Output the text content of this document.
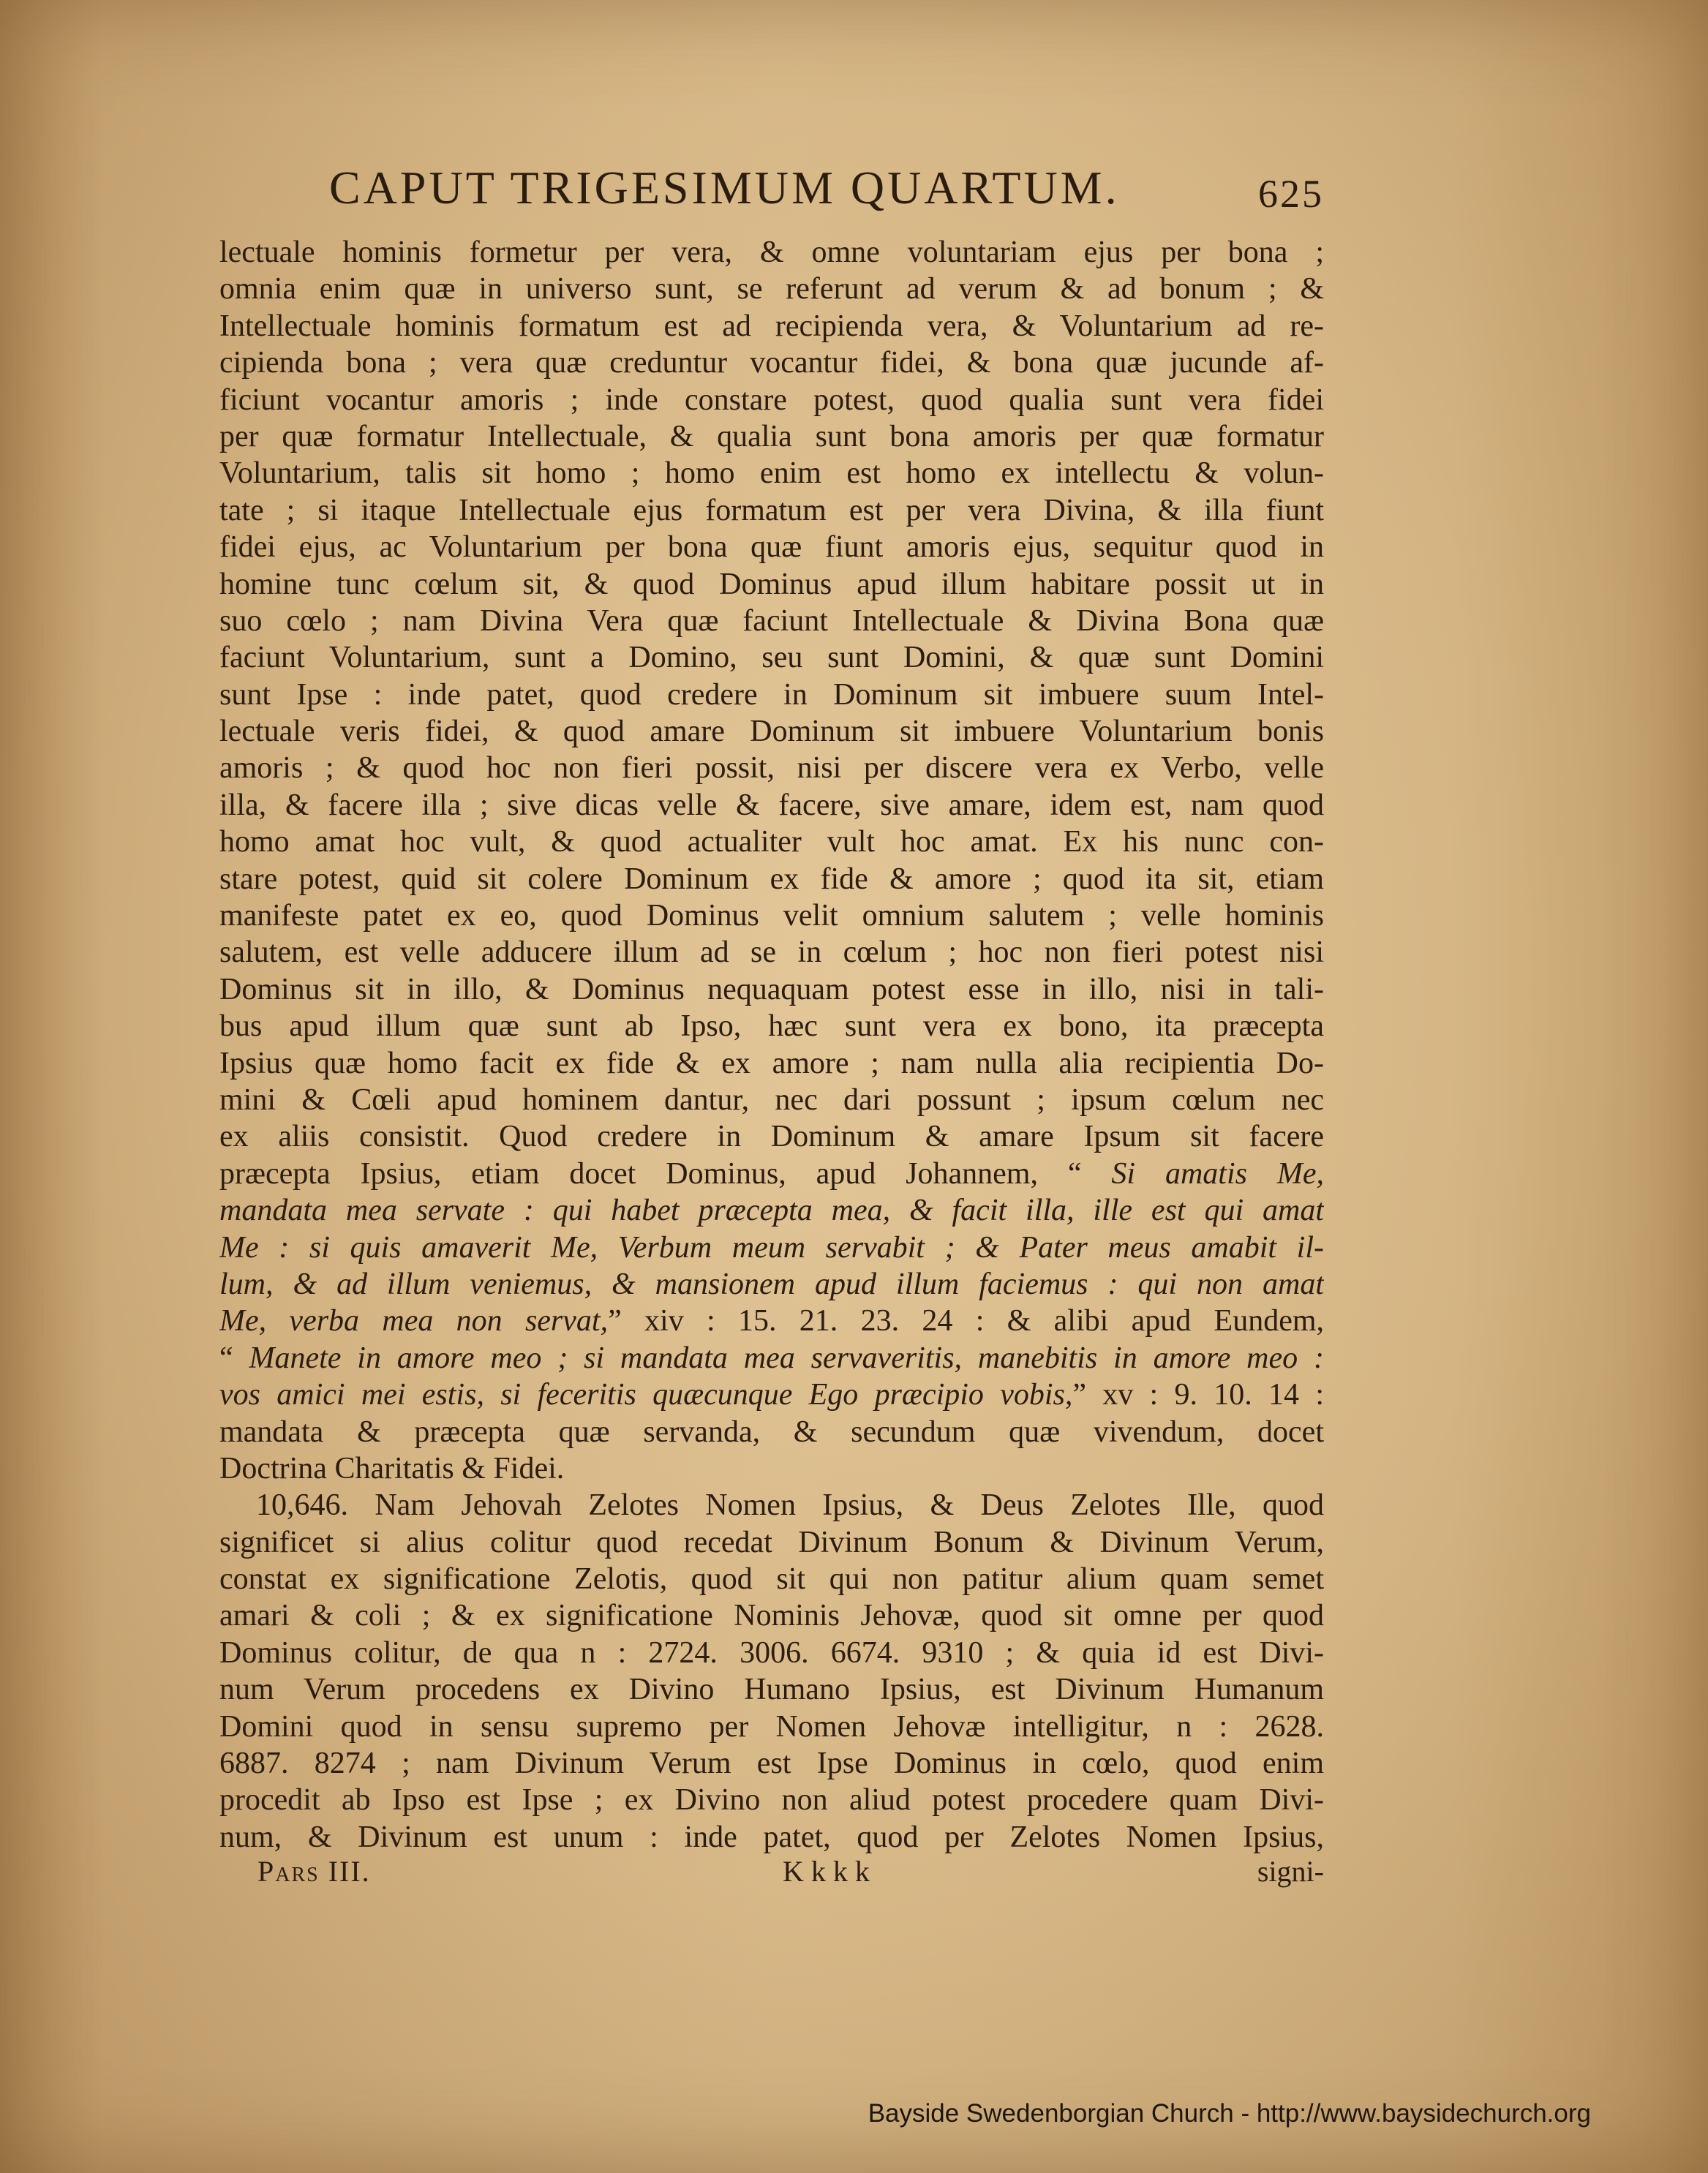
CAPUT TRIGESIMUM QUARTUM.	625
lectuale hominis formetur per vera, & omne voluntariam ejus per bona ;
omnia enim quæ in universo sunt, se referunt ad verum & ad bonum ; &
Intellectuale hominis formatum est ad recipienda vera, & Voluntarium ad re-
cipienda bona ; vera quæ creduntur vocantur fidei, & bona quæ jucunde af-
ficiunt vocantur amoris ; inde constare potest, quod qualia sunt vera fidei
per quæ formatur Intellectuale, & qualia sunt bona amoris per quæ formatur
Voluntarium, talis sit homo ; homo enim est homo ex intellectu & volun-
tate ; si itaque Intellectuale ejus formatum est per vera Divina, & illa fiunt
fidei ejus, ac Voluntarium per bona quæ fiunt amoris ejus, sequitur quod in
homine tunc cœlum sit, & quod Dominus apud illum habitare possit ut in
suo cœlo ; nam Divina Vera quæ faciunt Intellectuale & Divina Bona quæ
faciunt Voluntarium, sunt a Domino, seu sunt Domini, & quæ sunt Domini
sunt Ipse : inde patet, quod credere in Dominum sit imbuere suum Intel-
lectuale veris fidei, & quod amare Dominum sit imbuere Voluntarium bonis
amoris ; & quod hoc non fieri possit, nisi per discere vera ex Verbo, velle
illa, & facere illa ; sive dicas velle & facere, sive amare, idem est, nam quod
homo amat hoc vult, & quod actualiter vult hoc amat. Ex his nunc con-
stare potest, quid sit colere Dominum ex fide & amore ; quod ita sit, etiam
manifeste patet ex eo, quod Dominus velit omnium salutem ; velle hominis
salutem, est velle adducere illum ad se in cœlum ; hoc non fieri potest nisi
Dominus sit in illo, & Dominus nequaquam potest esse in illo, nisi in tali-
bus apud illum quæ sunt ab Ipso, hæc sunt vera ex bono, ita præcepta
Ipsius quæ homo facit ex fide & ex amore ; nam nulla alia recipientia Do-
mini & Cœli apud hominem dantur, nec dari possunt ; ipsum cœlum nec
ex aliis consistit. Quod credere in Dominum & amare Ipsum sit facere
præcepta Ipsius, etiam docet Dominus, apud Johannem, “ Si amatis Me,
mandata mea servate : qui habet præcepta mea, & facit illa, ille est qui amat
Me : si quis amaverit Me, Verbum meum servabit ; & Pater meus amabit il-
lum, & ad illum veniemus, & mansionem apud illum faciemus : qui non amat
Me, verba mea non servat,” xiv : 15. 21. 23. 24 : & alibi apud Eundem,
“ Manete in amore meo ; si mandata mea servaveritis, manebitis in amore meo :
vos amici mei estis, si feceritis quæcunque Ego præcipio vobis,” xv : 9. 10. 14 :
mandata & præcepta quæ servanda, & secundum quæ vivendum, docet
Doctrina Charitatis & Fidei.
10,646. Nam Jehovah Zelotes Nomen Ipsius, & Deus Zelotes Ille, quod
significet si alius colitur quod recedat Divinum Bonum & Divinum Verum,
constat ex significatione Zelotis, quod sit qui non patitur alium quam semet
amari & coli ; & ex significatione Nominis Jehovæ, quod sit omne per quod
Dominus colitur, de qua n : 2724. 3006. 6674. 9310 ; & quia id est Divi-
num Verum procedens ex Divino Humano Ipsius, est Divinum Humanum
Domini quod in sensu supremo per Nomen Jehovæ intelligitur, n : 2628.
6887. 8274 ; nam Divinum Verum est Ipse Dominus in cœlo, quod enim
procedit ab Ipso est Ipse ; ex Divino non aliud potest procedere quam Divi-
num, & Divinum est unum : inde patet, quod per Zelotes Nomen Ipsius,
Pars III.	Kkkk	signi-
Bayside Swedenborgian Church - http://www.baysidechurch.org
